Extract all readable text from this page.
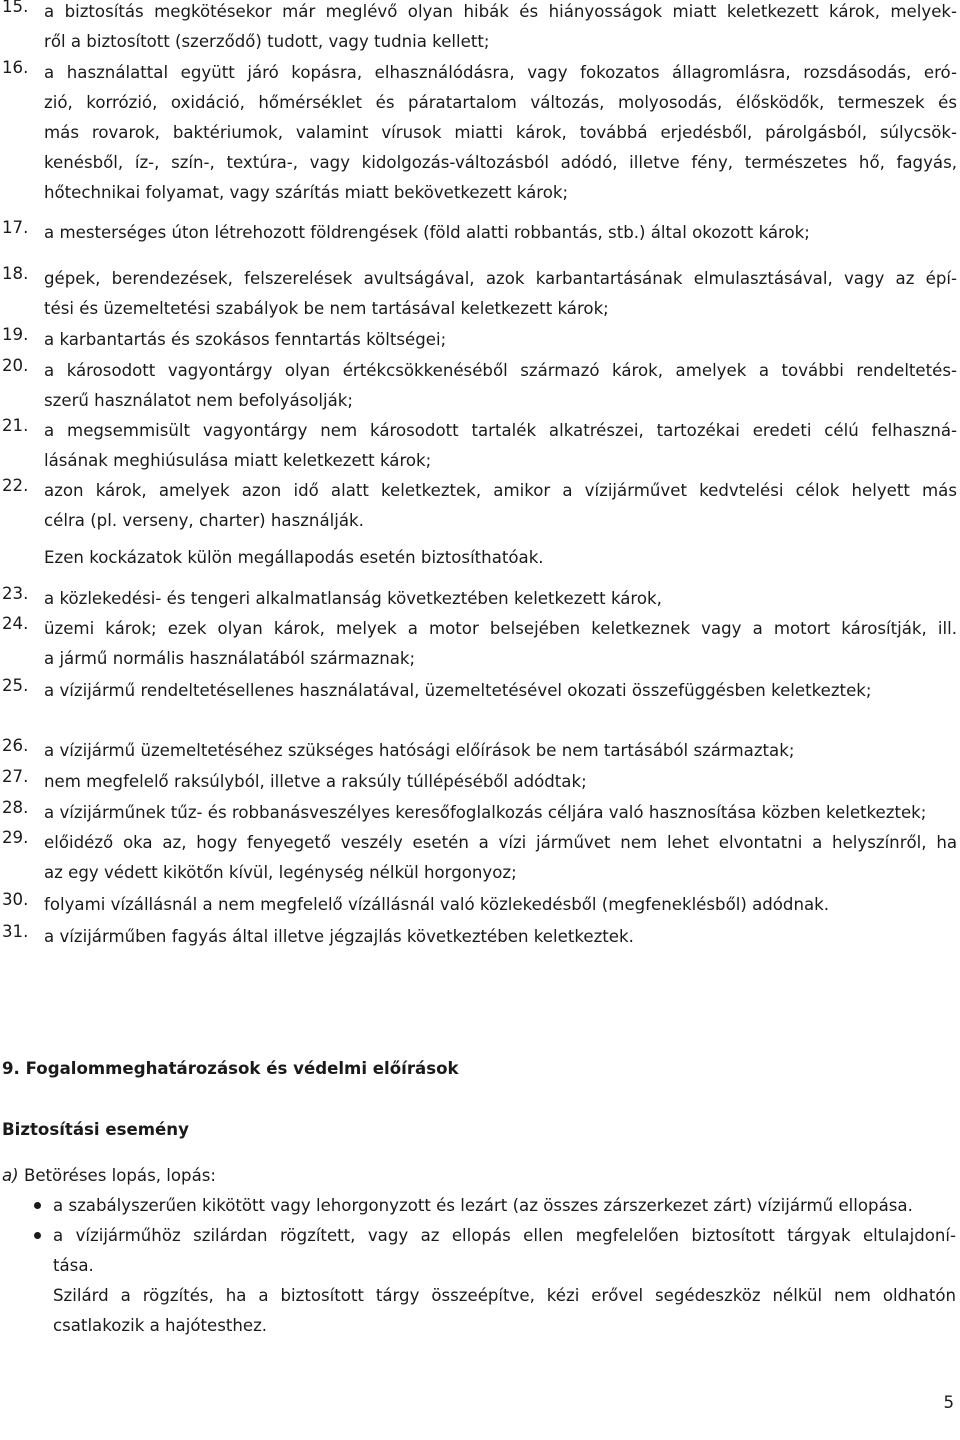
15. a biztosítás megkötésekor már meglévő olyan hibák és hiányosságok miatt keletkezett károk, melyek-
ről a biztosított (szerződő) tudott, vagy tudnia kellett;
16. a használattal együtt járó kopásra, elhasználódásra, vagy fokozatos állagromlásra, rozsdásodás, eró-
zió, korrózió, oxidáció, hőmérséklet és páratartalom változás, molyosodás, élősködők, termeszek és
más rovarok, baktériumok, valamint vírusok miatti károk, továbbá erjedésből, párolgásból, súlycsök-
kenésből, íz-, szín-, textúra-, vagy kidolgozás-változásból adódó, illetve fény, természetes hő, fagyás,
hőtechnikai folyamat, vagy szárítás miatt bekövetkezett károk;
17. a mesterséges úton létrehozott földrengések (föld alatti robbantás, stb.) által okozott károk;
18. gépek, berendezések, felszerelések avultságával, azok karbantartásának elmulasztásával, vagy az épí-
tési és üzemeltetési szabályok be nem tartásával keletkezett károk;
19. a karbantartás és szokásos fenntartás költségei;
20. a károsodott vagyontárgy olyan értékcsökkenéséből származó károk, amelyek a további rendeltetés-
szerű használatot nem befolyásolják;
21. a megsemmisült vagyontárgy nem károsodott tartalék alkatrészei, tartozékai eredeti célú felhaszná-
lásának meghiúsulása miatt keletkezett károk;
22. azon károk, amelyek azon idő alatt keletkeztek, amikor a vízijárművet kedvtelési célok helyett más
célra (pl. verseny, charter) használják.
Ezen kockázatok külön megállapodás esetén biztosíthatóak.
23. a közlekedési- és tengeri alkalmatlanság következtében keletkezett károk,
24. üzemi károk; ezek olyan károk, melyek a motor belsejében keletkeznek vagy a motort károsítják, ill.
a jármű normális használatából származnak;
25. a vízijármű rendeltetésellenes használatával, üzemeltetésével okozati összefüggésben keletkeztek;
26. a vízijármű üzemeltetéséhez szükséges hatósági előírások be nem tartásából származtak;
27. nem megfelelő raksúlyból, illetve a raksúly túllépéséből adódtak;
28. a vízijárműnek tűz- és robbanásveszélyes keresőfoglalkozás céljára való hasznosítása közben keletkeztek;
29. előidéző oka az, hogy fenyegető veszély esetén a vízi járművet nem lehet elvontatni a helyszínről, ha
az egy védett kikötőn kívül, legénység nélkül horgonyoz;
30. folyami vízállásnál a nem megfelelő vízállásnál való közlekedésből (megfeneklésből) adódnak.
31. a vízijárműben fagyás által illetve jégzajlás következtében keletkeztek.
9. Fogalommeghatározások és védelmi előírások
Biztosítási esemény
a) Betöréses lopás, lopás:
a szabályszerűen kikötött vagy lehorgonyzott és lezárt (az összes zárszerkezet zárt) vízijármű ellopása.
a vízijárműhöz szilárdan rögzített, vagy az ellopás ellen megfelelően biztosított tárgyak eltulajdoní-
tása.
Szilárd a rögzítés, ha a biztosított tárgy összeépítve, kézi erővel segédeszköz nélkül nem oldhatón
csatlakozik a hajótesthez.
5
